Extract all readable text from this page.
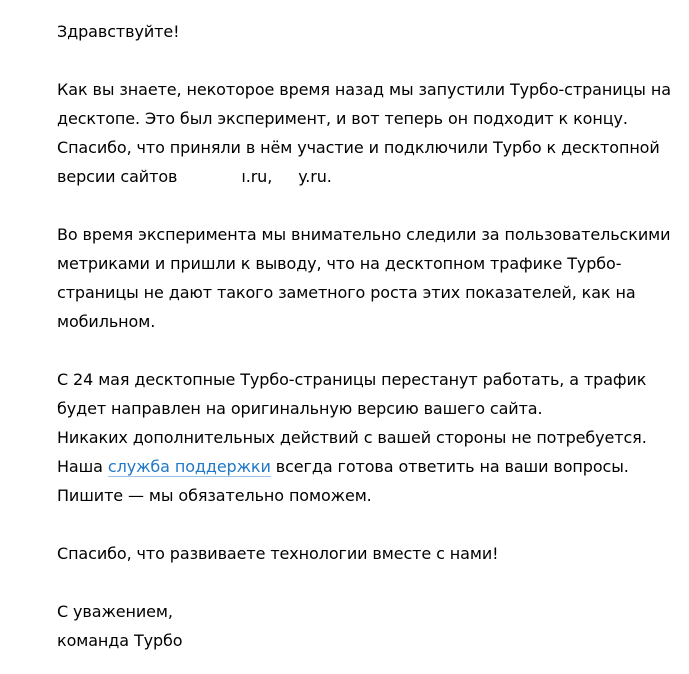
Здравствуйте!

Как вы знаете, некоторое время назад мы запустили Турбо-страницы на
десктопе. Это был эксперимент, и вот теперь он подходит к концу.
Спасибо, что приняли в нём участие и подключили Турбо к десктопной
версии сайтов	ı.ru, y.ru.

Во время эксперимента мы внимательно следили за пользовательскими
метриками и пришли к выводу, что на десктопном трафике Турбо-
страницы не дают такого заметного роста этих показателей, как на
мобильном.

С 24 мая десктопные Турбо-страницы перестанут работать, а трафик
будет направлен на оригинальную версию вашего сайта.
Никаких дополнительных действий с вашей стороны не потребуется.
Наша служба поддержки всегда готова ответить на ваши вопросы.
Пишите — мы обязательно поможем.

Спасибо, что развиваете технологии вместе с нами!

С уважением,
команда Турбо
